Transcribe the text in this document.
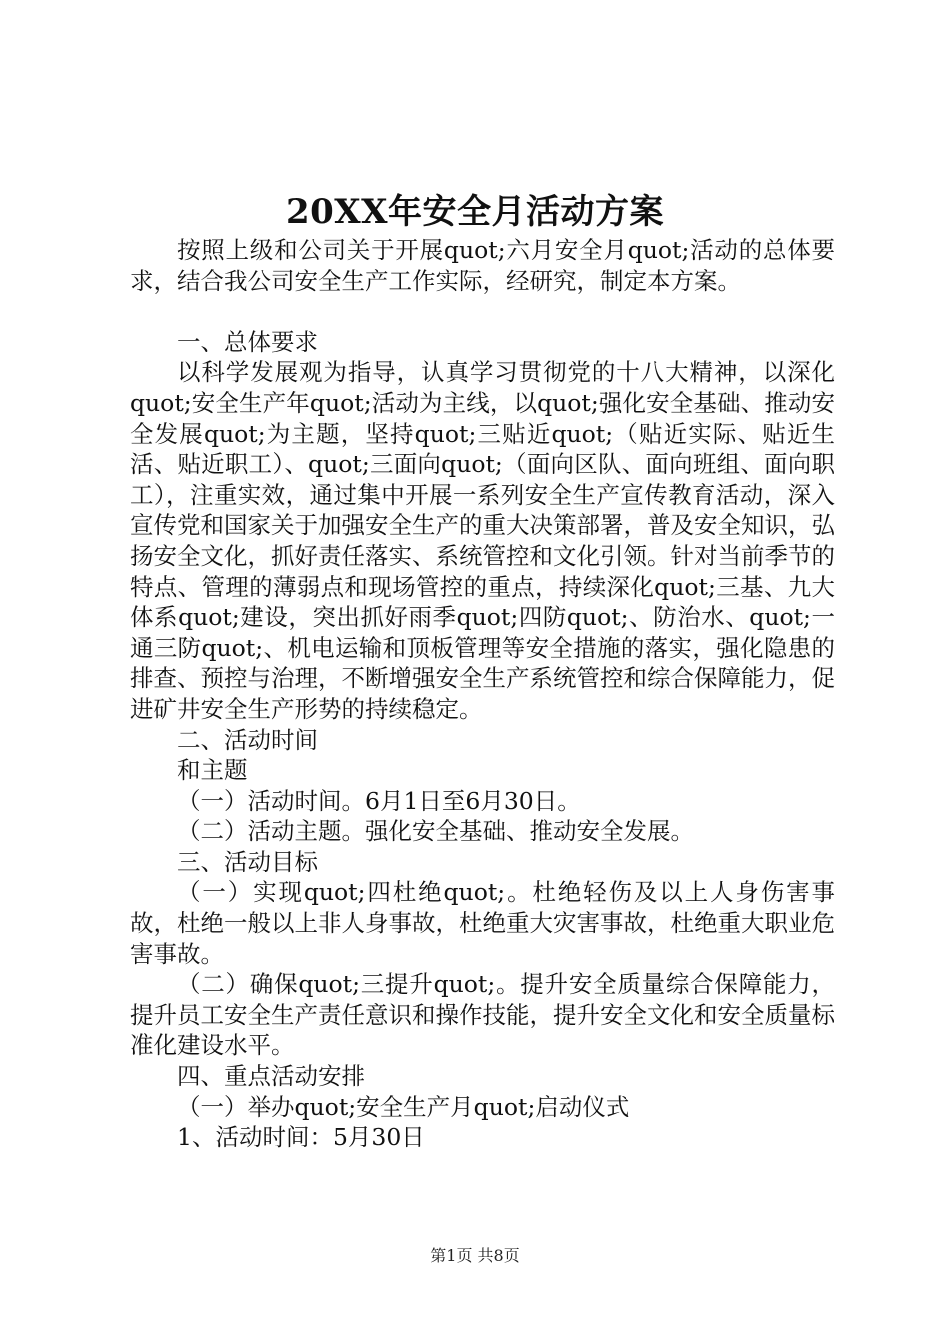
20XX年安全月活动方案

按照上级和公司关于开展quot;六月安全月quot;活动的总体要求，结合我公司安全生产工作实际，经研究，制定本方案。

一、总体要求

以科学发展观为指导，认真学习贯彻党的十八大精神，以深化quot;安全生产年quot;活动为主线，以quot;强化安全基础、推动安全发展quot;为主题，坚持quot;三贴近quot;（贴近实际、贴近生活、贴近职工）、quot;三面向quot;（面向区队、面向班组、面向职工），注重实效，通过集中开展一系列安全生产宣传教育活动，深入宣传党和国家关于加强安全生产的重大决策部署，普及安全知识，弘扬安全文化，抓好责任落实、系统管控和文化引领。针对当前季节的特点、管理的薄弱点和现场管控的重点，持续深化quot;三基、九大体系quot;建设，突出抓好雨季quot;四防quot;、防治水、quot;一通三防quot;、机电运输和顶板管理等安全措施的落实，强化隐患的排查、预控与治理，不断增强安全生产系统管控和综合保障能力，促进矿井安全生产形势的持续稳定。

二、活动时间

和主题

（一）活动时间。6月1日至6月30日。

（二）活动主题。强化安全基础、推动安全发展。

三、活动目标

（一）实现quot;四杜绝quot;。杜绝轻伤及以上人身伤害事故，杜绝一般以上非人身事故，杜绝重大灾害事故，杜绝重大职业危害事故。

（二）确保quot;三提升quot;。提升安全质量综合保障能力，提升员工安全生产责任意识和操作技能，提升安全文化和安全质量标准化建设水平。

四、重点活动安排

（一）举办quot;安全生产月quot;启动仪式

1、活动时间：5月30日

第1页 共8页
